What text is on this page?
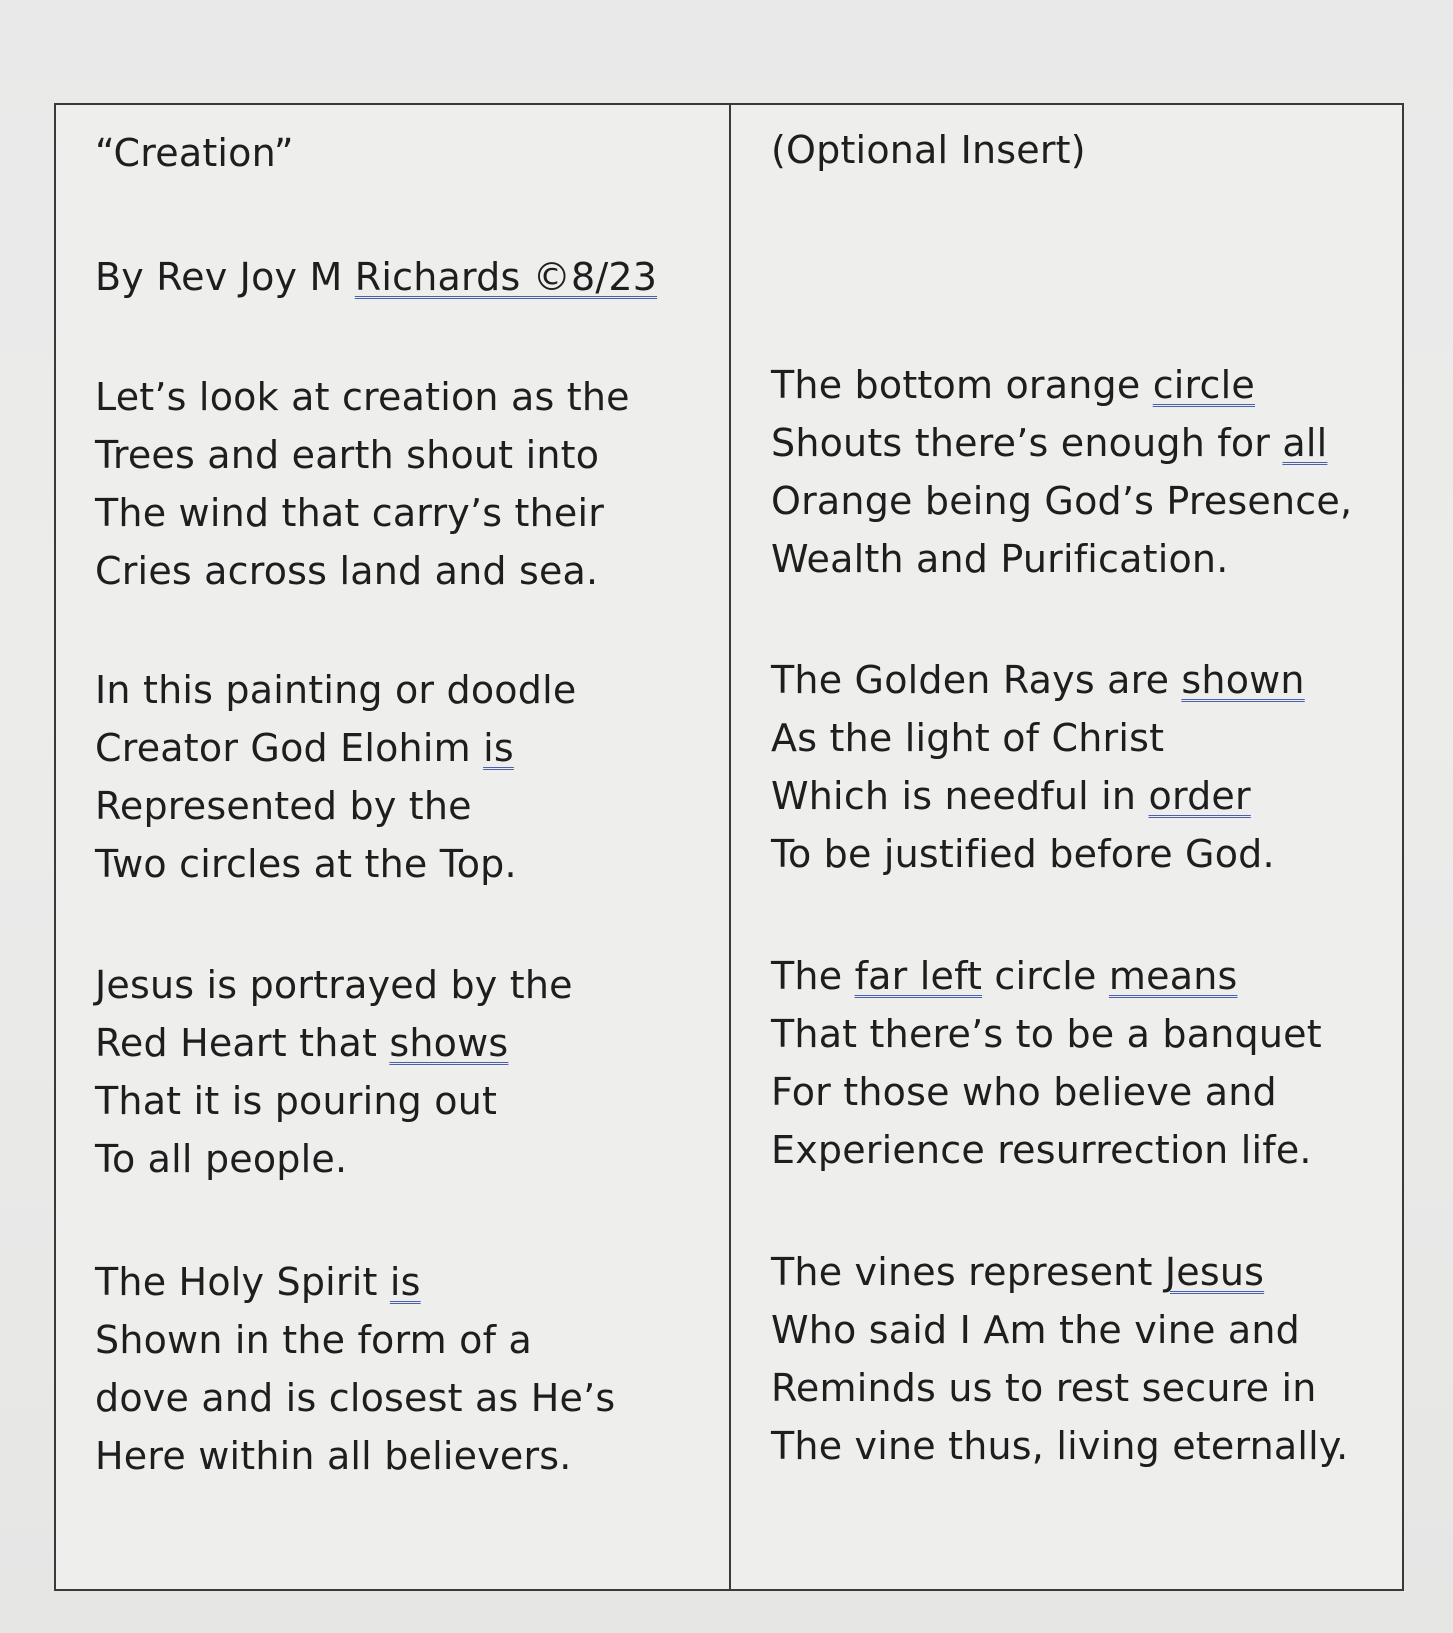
“Creation”
By Rev Joy M Richards ©8/23
Let’s look at creation as the
Trees and earth shout into
The wind that carry’s their
Cries across land and sea.
In this painting or doodle
Creator God Elohim is
Represented by the
Two circles at the Top.
Jesus is portrayed by the
Red Heart that shows
That it is pouring out
To all people.
The Holy Spirit is
Shown in the form of a
dove and is closest as He’s
Here within all believers.
(Optional Insert)
The bottom orange circle
Shouts there’s enough for all
Orange being God’s Presence,
Wealth and Purification.
The Golden Rays are shown
As the light of Christ
Which is needful in order
To be justified before God.
The far left circle means
That there’s to be a banquet
For those who believe and
Experience resurrection life.
The vines represent Jesus
Who said I Am the vine and
Reminds us to rest secure in
The vine thus, living eternally.
